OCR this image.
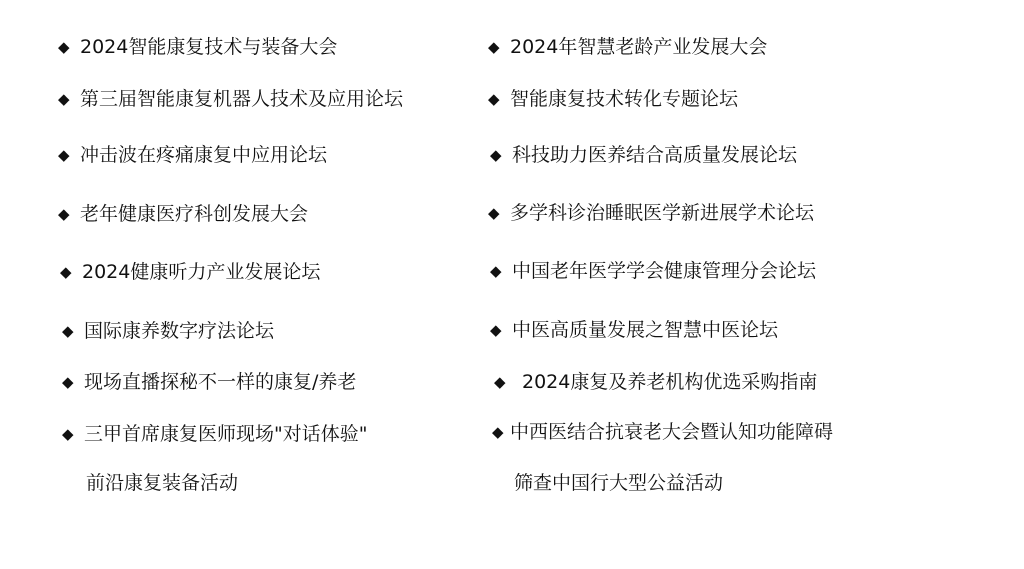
◆ 2024智能康复技术与装备大会
◆ 第三届智能康复机器人技术及应用论坛
◆ 冲击波在疼痛康复中应用论坛
◆ 老年健康医疗科创发展大会
◆ 2024健康听力产业发展论坛
◆ 国际康养数字疗法论坛
◆ 现场直播探秘不一样的康复/养老
◆ 三甲首席康复医师现场"对话体验"
前沿康复装备活动
◆ 2024年智慧老龄产业发展大会
◆ 智能康复技术转化专题论坛
◆ 科技助力医养结合高质量发展论坛
◆ 多学科诊治睡眠医学新进展学术论坛
◆ 中国老年医学学会健康管理分会论坛
◆ 中医高质量发展之智慧中医论坛
◆ 2024康复及养老机构优选采购指南
◆ 中西医结合抗衰老大会暨认知功能障碍
筛查中国行大型公益活动
